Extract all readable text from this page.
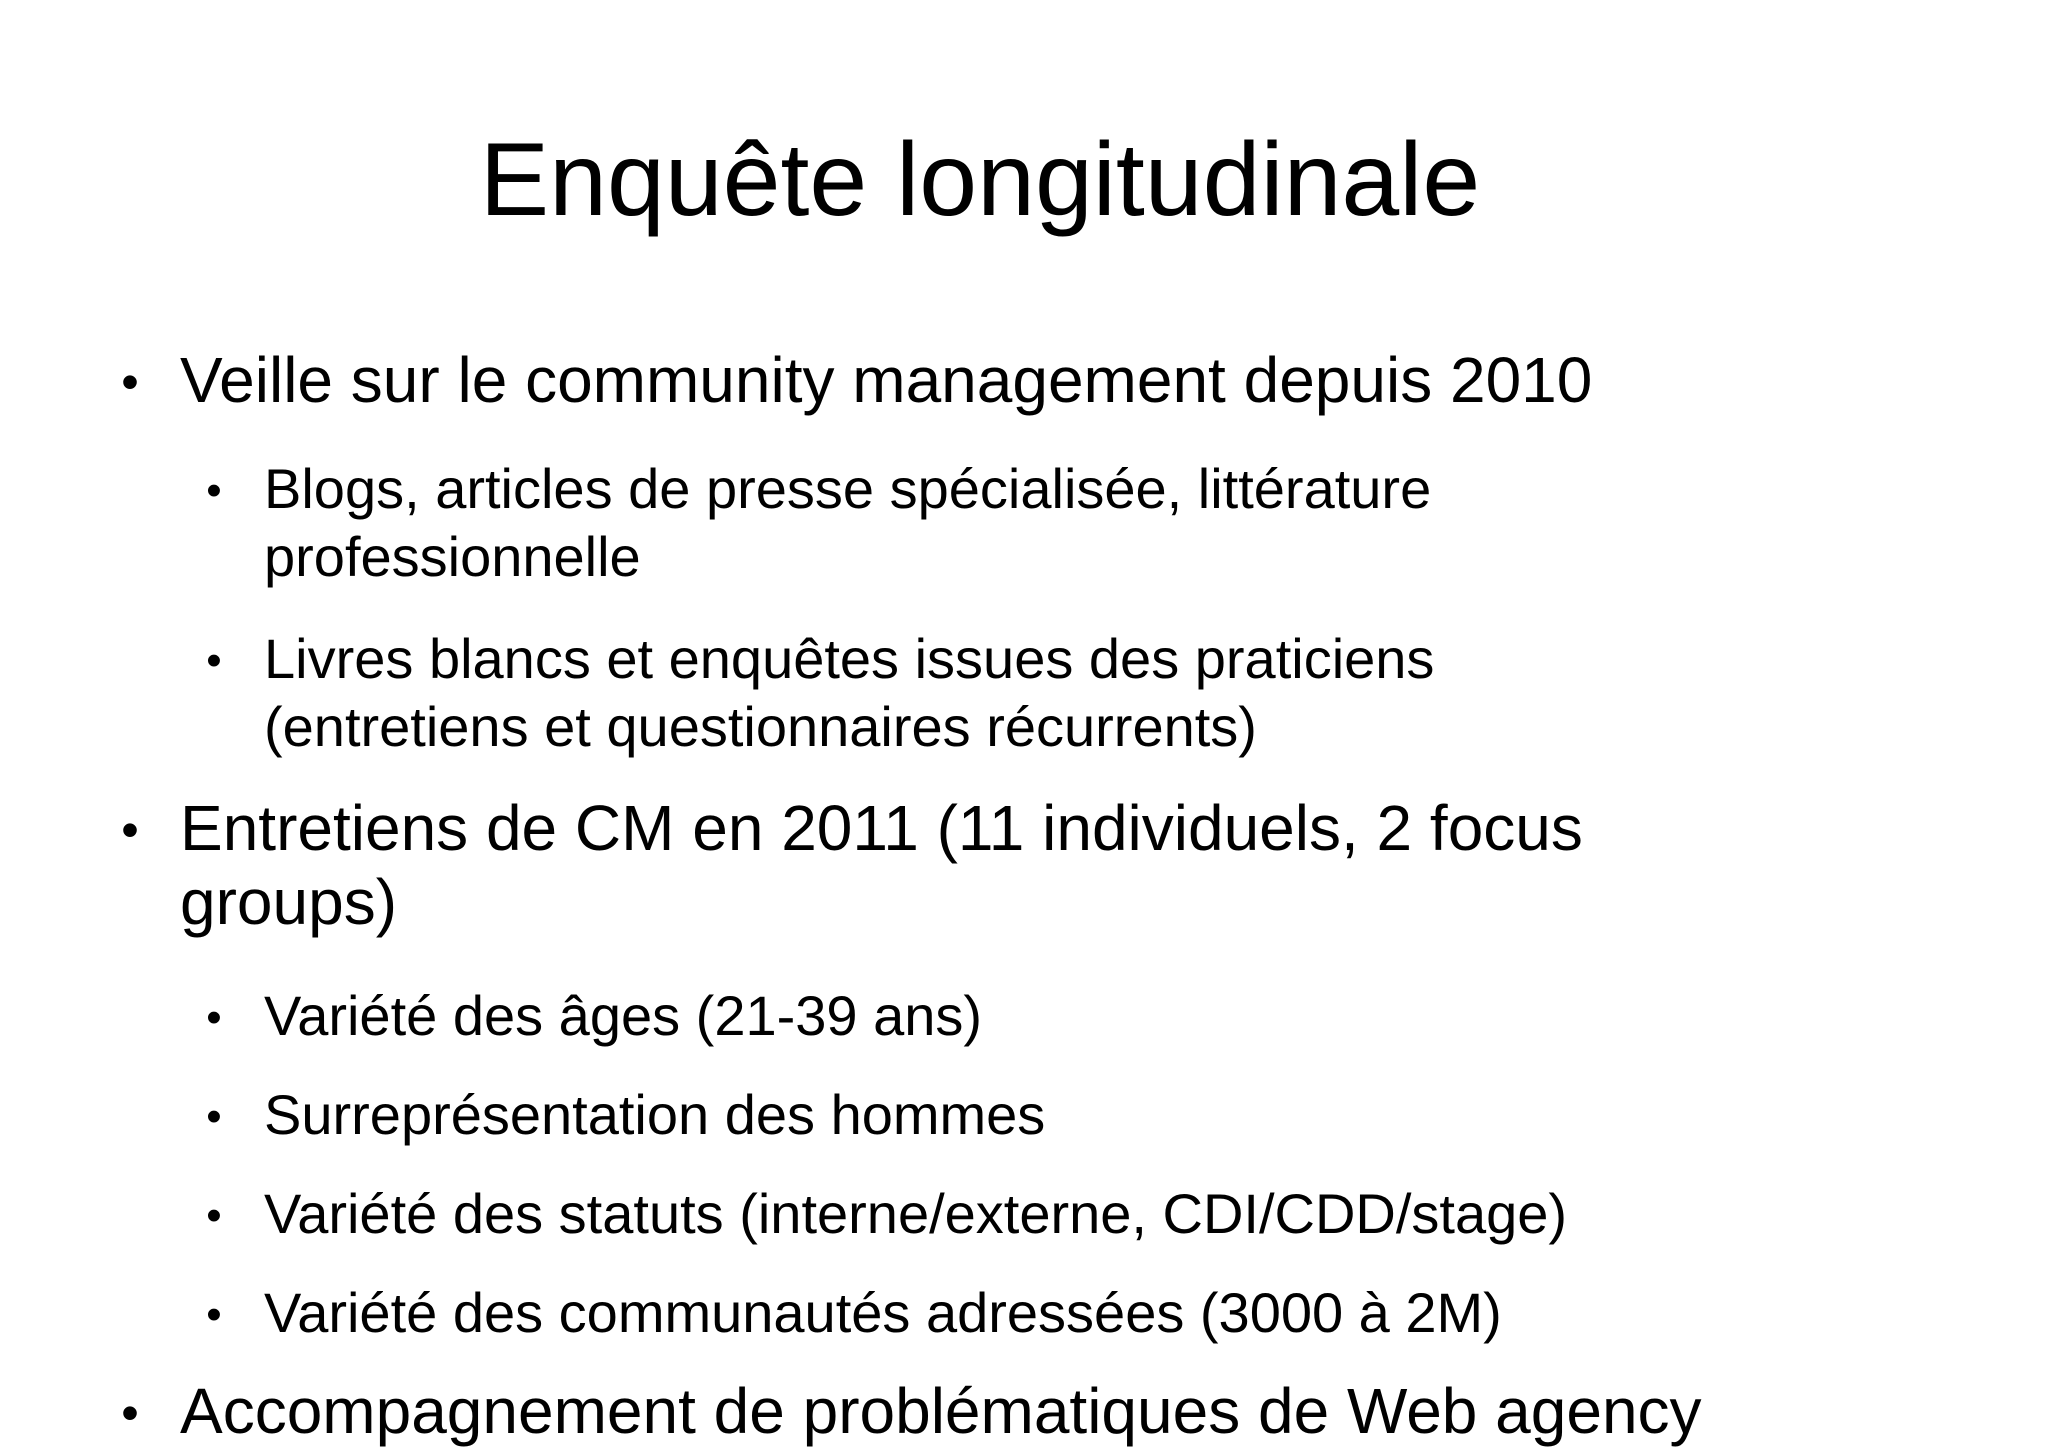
Enquête longitudinale
• Veille sur le community management depuis 2010
• Blogs, articles de presse spécialisée, littérature professionnelle
• Livres blancs et enquêtes issues des praticiens (entretiens et questionnaires récurrents)
• Entretiens de CM en 2011 (11 individuels, 2 focus groups)
• Variété des âges (21-39 ans)
• Surreprésentation des hommes
• Variété des statuts (interne/externe, CDI/CDD/stage)
• Variété des communautés adressées (3000 à 2M)
• Accompagnement de problématiques de Web agency
